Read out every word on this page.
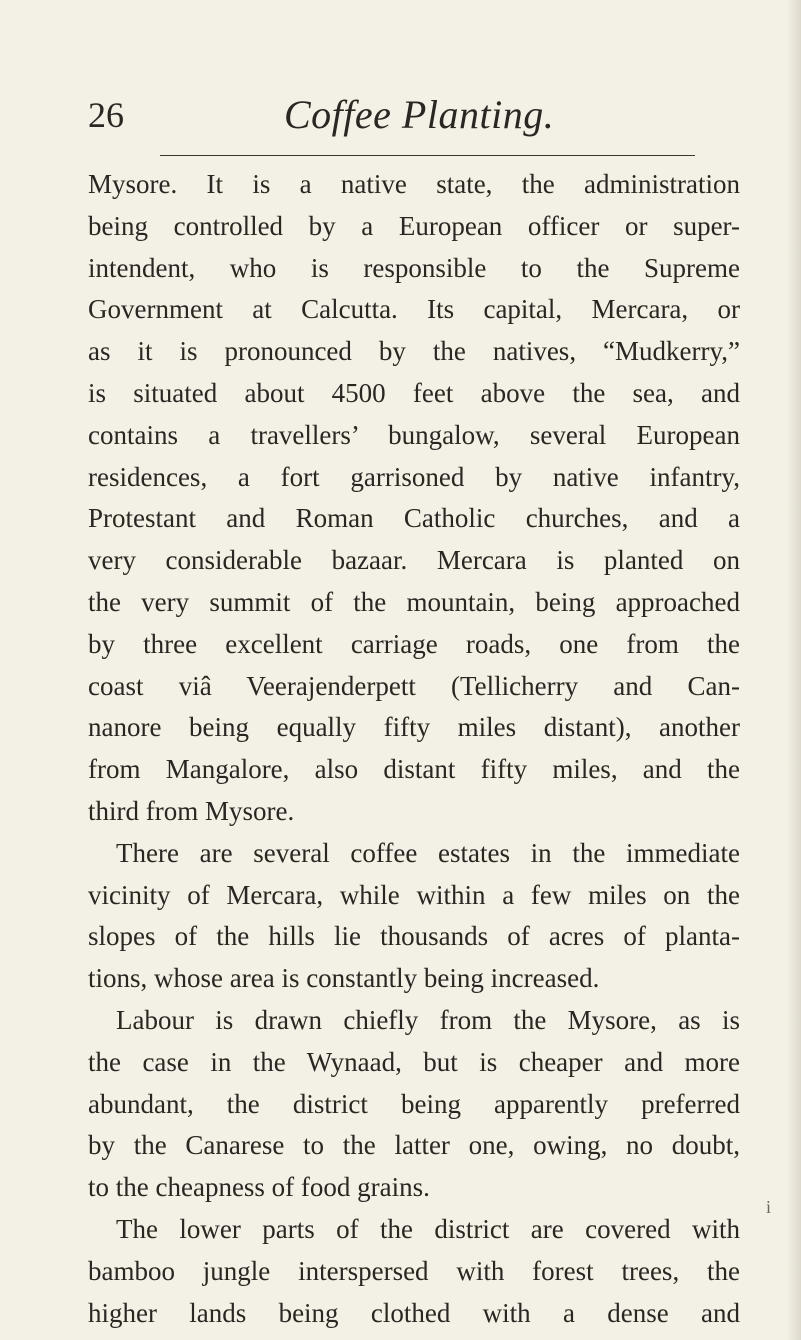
26	Coffee Planting.
Mysore. It is a native state, the administration
being controlled by a European officer or super-
intendent, who is responsible to the Supreme
Government at Calcutta. Its capital, Mercara, or
as it is pronounced by the natives, “Mudkerry,”
is situated about 4500 feet above the sea, and
contains a travellers’ bungalow, several European
residences, a fort garrisoned by native infantry,
Protestant and Roman Catholic churches, and a
very considerable bazaar. Mercara is planted on
the very summit of the mountain, being approached
by three excellent carriage roads, one from the
coast viâ Veerajenderpett (Tellicherry and Can-
nanore being equally fifty miles distant), another
from Mangalore, also distant fifty miles, and the
third from Mysore.
There are several coffee estates in the immediate
vicinity of Mercara, while within a few miles on the
slopes of the hills lie thousands of acres of planta-
tions, whose area is constantly being increased.
Labour is drawn chiefly from the Mysore, as is
the case in the Wynaad, but is cheaper and more
abundant, the district being apparently preferred
by the Canarese to the latter one, owing, no doubt,
to the cheapness of food grains.
The lower parts of the district are covered with
bamboo jungle interspersed with forest trees, the
higher lands being clothed with a dense and
i
